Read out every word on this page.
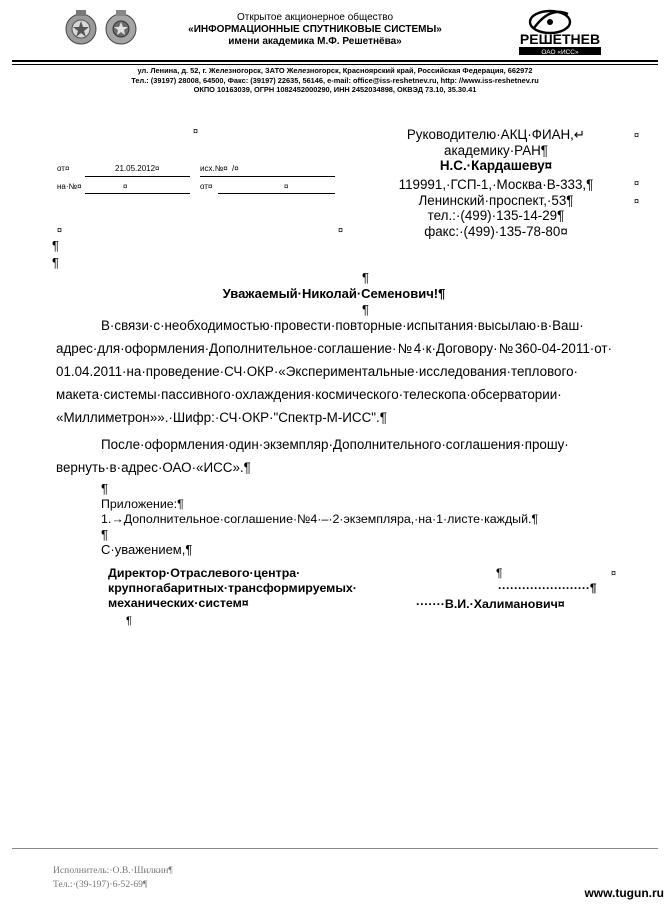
Открытое акционерное общество
«ИНФОРМАЦИОННЫЕ СПУТНИКОВЫЕ СИСТЕМЫ»
имени академика М.Ф. Решетнёва»	РЕШЕТНЕВ
ОАО «ИСС»
ул. Ленина, д. 52, г. Железногорск, ЗАТО Железногорск, Красноярский край, Российская Федерация, 662972
Тел.: (39197) 28008, 64500, Факс: (39197) 22635, 56146, e-mail: office@iss-reshetnev.ru, http: //www.iss-reshetnev.ru
ОКПО 10163039, ОГРН 1082452000290, ИНН 2452034898, ОКВЭД 73.10, 35.30.41
¤
от¤	21.05.2012¤	исх.№¤ /¤
на·№¤	¤	от¤	¤
¤	¤
¶
¶
Руководителю·АКЦ·ФИАН,↵
академику·РАН¶
Н.С.·Кардашеву¤
119991,·ГСП-1,·Москва·В-333,¶
Ленинский·проспект,·53¶
тел.:·(499)·135-14-29¶
факс:·(499)·135-78-80¤
¤
¤
¤
¶
Уважаемый·Николай·Семенович!¶
¶
В·связи·с·необходимостью·провести·повторные·испытания·высылаю·в·Ваш· адрес·для·оформления·Дополнительное·соглашение·№4·к·Договору·№360-04-2011·от· 01.04.2011·на·проведение·СЧ·ОКР·«Экспериментальные·исследования·теплового· макета·системы·пассивного·охлаждения·космического·телескопа·обсерватории· «Миллиметрон»».·Шифр:·СЧ·ОКР·"Спектр-М-ИСС".¶
После·оформления·один·экземпляр·Дополнительного·соглашения·прошу· вернуть·в·адрес·ОАО·«ИСС».¶
¶
Приложение:¶
1.→Дополнительное·соглашение·№4·–·2·экземпляра,·на·1·листе·каждый.¶
¶
С·уважением,¶
Директор·Отраслевого·центра·
крупногабаритных·трансформируемых·
механических·систем¤
¶	¤
·······················¶
·······В.И.·Халиманович¤
¶
Исполнитель:·О.В.·Шилкин¶
Тел.:·(39-197)·6-52-69¶
www.tugun.ru
